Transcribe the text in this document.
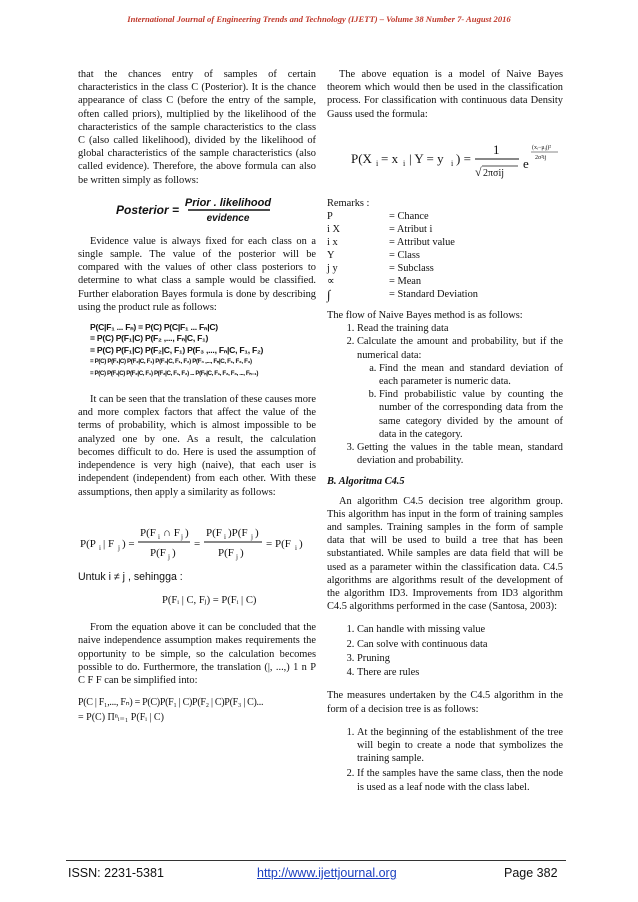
International Journal of Engineering Trends and Technology (IJETT) – Volume 38 Number 7- August 2016

that the chances entry of samples of certain characteristics in the class C (Posterior). It is the chance appearance of class C (before the entry of the sample, often called priors), multiplied by the likelihood of the characteristics of the sample characteristics to the class C (also called likelihood), divided by the likelihood of global characteristics of the sample characteristics (also called evidence). Therefore, the above formula can also be written simply as follows:

Posterior = Prior . likelihood
evidence

Evidence value is always fixed for each class on a single sample. The value of the posterior will be compared with the values of other class posteriors to determine to what class a sample would be classified. Further elaboration Bayes formula is done by describing using the product rule as follows:

P(C|F₁ ... Fₙ) = P(C) P(C|F₁ ... Fₙ|C)
= P(C) P(F₁|C) P(F₂ ,..., Fₙ|C, F₁)
= P(C) P(F₁|C) P(F₂|C, F₁) P(F₃ ,..., Fₙ|C, F₁, F₂)
= P(C) P(F₁|C) P(F₂|C, F₁) P(F₃|C, F₁, F₂) P(F₄ ,..., Fₙ|C, F₁, F₂, F₃)
= P(C) P(F₁|C) P(F₂|C, F₁) P(F₃|C, F₁, F₂) ... P(Fₙ|C, F₁, F₂, F₃, ..., Fₙ₋₁)

It can be seen that the translation of these causes more and more complex factors that affect the value of the terms of probability, which is almost impossible to be analyzed one by one. As a result, the calculation becomes difficult to do. Here is used the assumption of independence is very high (naive), that each user is independent (independent) from each other. With these assumptions, then apply a similarity as follows:

P(P i | F j ) =
P(F i ∩ F j )
P(F j )
=
P(F i )P(F j )
P(F j )
= P(F i )
Untuk i ≠ j , sehingga :
P(Fᵢ | C, Fⱼ) = P(Fᵢ | C)

From the equation above it can be concluded that the naive independence assumption makes requirements the opportunity to be simple, so the calculation becomes possible to do. Furthermore, the translation (|, ...,) 1 n P C F F can be simplified into:

P(C | F₁,..., Fₙ) = P(C)P(F₁ | C)P(F₂ | C)P(F₃ | C)...
= P(C) Πⁿᵢ₌₁ P(Fᵢ | C)

The above equation is a model of Naive Bayes theorem which would then be used in the classification process. For classification with continuous data Density Gauss used the formula:

P(X i = x i | Y = y i ) =
1
√ 2πσij
e
(xᵢ−μᵢj)²
2σ²ij
Remarks :
P	= Chance
i X	= Atribut i
i x	= Attribut value
Y	= Class
j y	= Subclass
∝	= Mean
∫	= Standard Deviation

The flow of Naive Bayes method is as follows:

1. Read the training data
2. Calculate the amount and probability, but if the numerical data:
a. Find the mean and standard deviation of each parameter is numeric data.
b. Find probabilistic value by counting the number of the corresponding data from the same category divided by the amount of data in the category.
3. Getting the values in the table mean, standard deviation and probability.
B. Algoritma C4.5

An algorithm C4.5 decision tree algorithm group. This algorithm has input in the form of training samples and samples. Training samples in the form of sample data that will be used to build a tree that has been substantiated. While samples are data field that will be used as a parameter within the classification data. C4.5 algorithms are algorithms result of the development of the algorithm ID3. Improvements from ID3 algorithm C4.5 algorithms performed in the case (Santosa, 2003):

1. Can handle with missing value
2. Can solve with continuous data
3. Pruning
4. There are rules

The measures undertaken by the C4.5 algorithm in the form of a decision tree is as follows:

1. At the beginning of the establishment of the tree will begin to create a node that symbolizes the training sample.
2. If the samples have the same class, then the node is used as a leaf node with the class label.
ISSN: 2231-5381	http://www.ijettjournal.org	Page 382
